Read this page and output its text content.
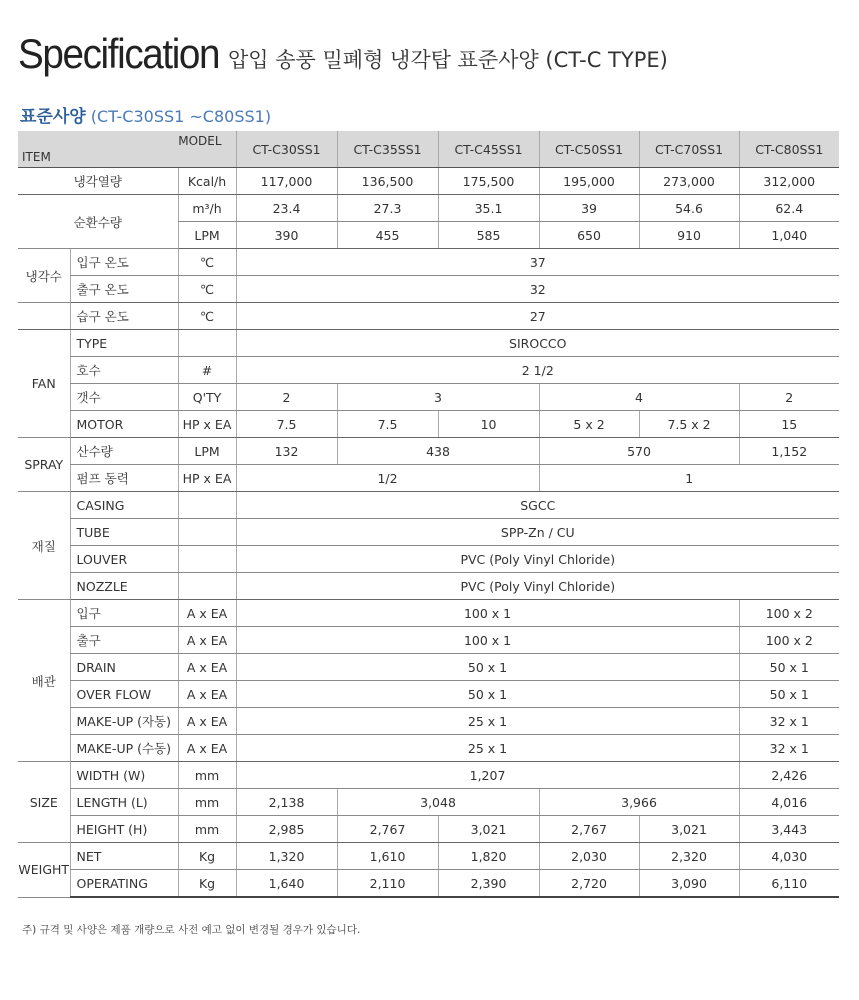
Specification 압입 송풍 밀폐형 냉각탑 표준사양 (CT-C TYPE)
표준사양 (CT-C30SS1 ~C80SS1)
MODEL
ITEM			CT-C30SS1	CT-C35SS1	CT-C45SS1	CT-C50SS1	CT-C70SS1	CT-C80SS1
냉각열량		Kcal/h	117,000	136,500	175,500	195,000	273,000	312,000
순환수량		m³/h	23.4	27.3	35.1	39	54.6	62.4
		LPM	390	455	585	650	910	1,040
냉각수	입구 온도	℃	37					
	출구 온도	℃	32					
	습구 온도	℃	27					
FAN	TYPE		SIROCCO					
	호수	#	2 1/2					
	갯수	Q'TY	2	3		4		2
	MOTOR	HP x EA	7.5	7.5	10	5 x 2	7.5 x 2	15
SPRAY	산수량	LPM	132	438		570		1,152
	펌프 동력	HP x EA	1/2			1		
재질	CASING		SGCC					
	TUBE		SPP-Zn / CU					
	LOUVER		PVC (Poly Vinyl Chloride)					
	NOZZLE		PVC (Poly Vinyl Chloride)					
배관	입구	A x EA	100 x 1					100 x 2
	출구	A x EA	100 x 1					100 x 2
	DRAIN	A x EA	50 x 1					50 x 1
	OVER FLOW	A x EA	50 x 1					50 x 1
	MAKE-UP (자동)	A x EA	25 x 1					32 x 1
	MAKE-UP (수동)	A x EA	25 x 1					32 x 1
SIZE	WIDTH (W)	mm	1,207					2,426
	LENGTH (L)	mm	2,138	3,048		3,966		4,016
	HEIGHT (H)	mm	2,985	2,767	3,021	2,767	3,021	3,443
WEIGHT	NET	Kg	1,320	1,610	1,820	2,030	2,320	4,030
	OPERATING	Kg	1,640	2,110	2,390	2,720	3,090	6,110
주) 규격 및 사양은 제품 개량으로 사전 예고 없이 변경될 경우가 있습니다.
